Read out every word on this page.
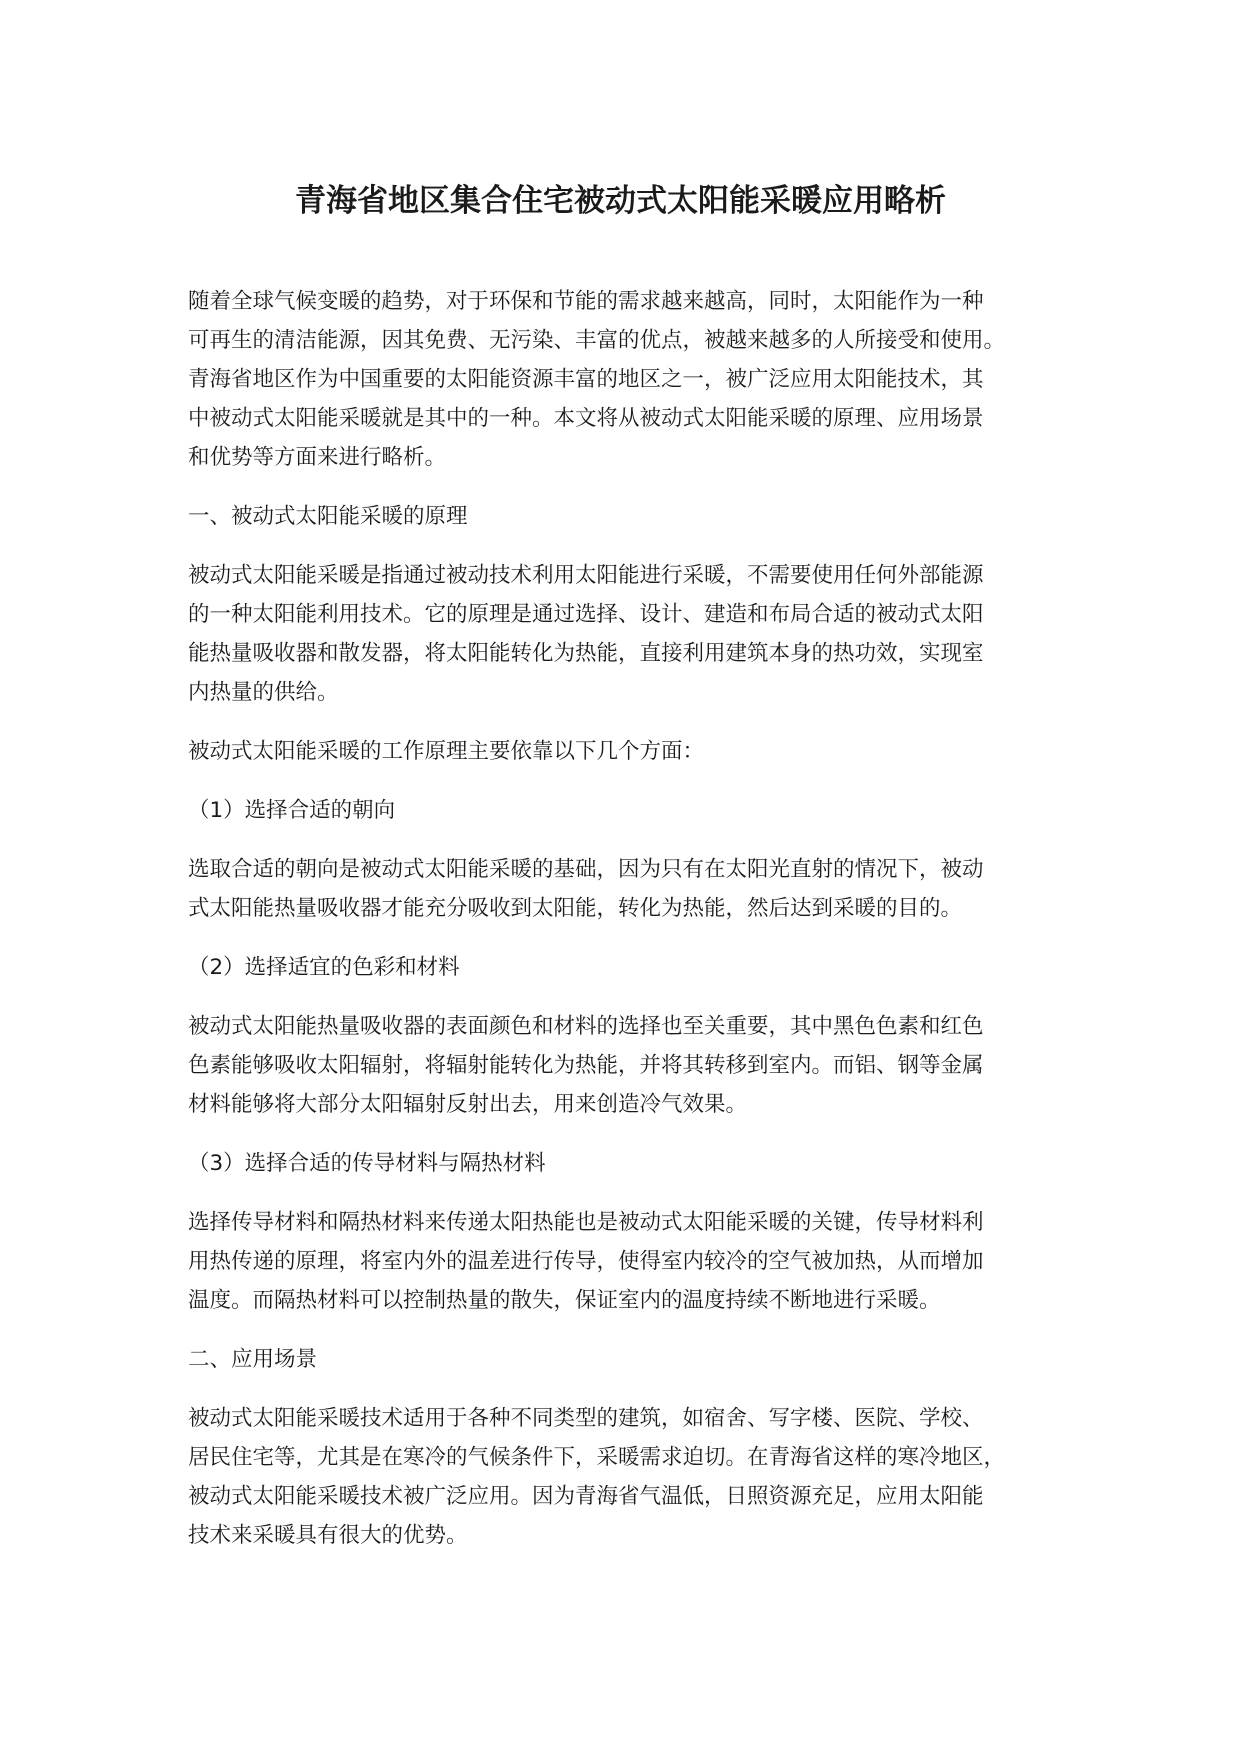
青海省地区集合住宅被动式太阳能采暖应用略析
随着全球气候变暖的趋势，对于环保和节能的需求越来越高，同时，太阳能作为一种
可再生的清洁能源，因其免费、无污染、丰富的优点，被越来越多的人所接受和使用。
青海省地区作为中国重要的太阳能资源丰富的地区之一，被广泛应用太阳能技术，其
中被动式太阳能采暖就是其中的一种。本文将从被动式太阳能采暖的原理、应用场景
和优势等方面来进行略析。
一、被动式太阳能采暖的原理
被动式太阳能采暖是指通过被动技术利用太阳能进行采暖，不需要使用任何外部能源
的一种太阳能利用技术。它的原理是通过选择、设计、建造和布局合适的被动式太阳
能热量吸收器和散发器，将太阳能转化为热能，直接利用建筑本身的热功效，实现室
内热量的供给。
被动式太阳能采暖的工作原理主要依靠以下几个方面：
（1）选择合适的朝向
选取合适的朝向是被动式太阳能采暖的基础，因为只有在太阳光直射的情况下，被动
式太阳能热量吸收器才能充分吸收到太阳能，转化为热能，然后达到采暖的目的。
（2）选择适宜的色彩和材料
被动式太阳能热量吸收器的表面颜色和材料的选择也至关重要，其中黑色色素和红色
色素能够吸收太阳辐射，将辐射能转化为热能，并将其转移到室内。而铝、钢等金属
材料能够将大部分太阳辐射反射出去，用来创造冷气效果。
（3）选择合适的传导材料与隔热材料
选择传导材料和隔热材料来传递太阳热能也是被动式太阳能采暖的关键，传导材料利
用热传递的原理，将室内外的温差进行传导，使得室内较冷的空气被加热，从而增加
温度。而隔热材料可以控制热量的散失，保证室内的温度持续不断地进行采暖。
二、应用场景
被动式太阳能采暖技术适用于各种不同类型的建筑，如宿舍、写字楼、医院、学校、
居民住宅等，尤其是在寒冷的气候条件下，采暖需求迫切。在青海省这样的寒冷地区，
被动式太阳能采暖技术被广泛应用。因为青海省气温低，日照资源充足，应用太阳能
技术来采暖具有很大的优势。
